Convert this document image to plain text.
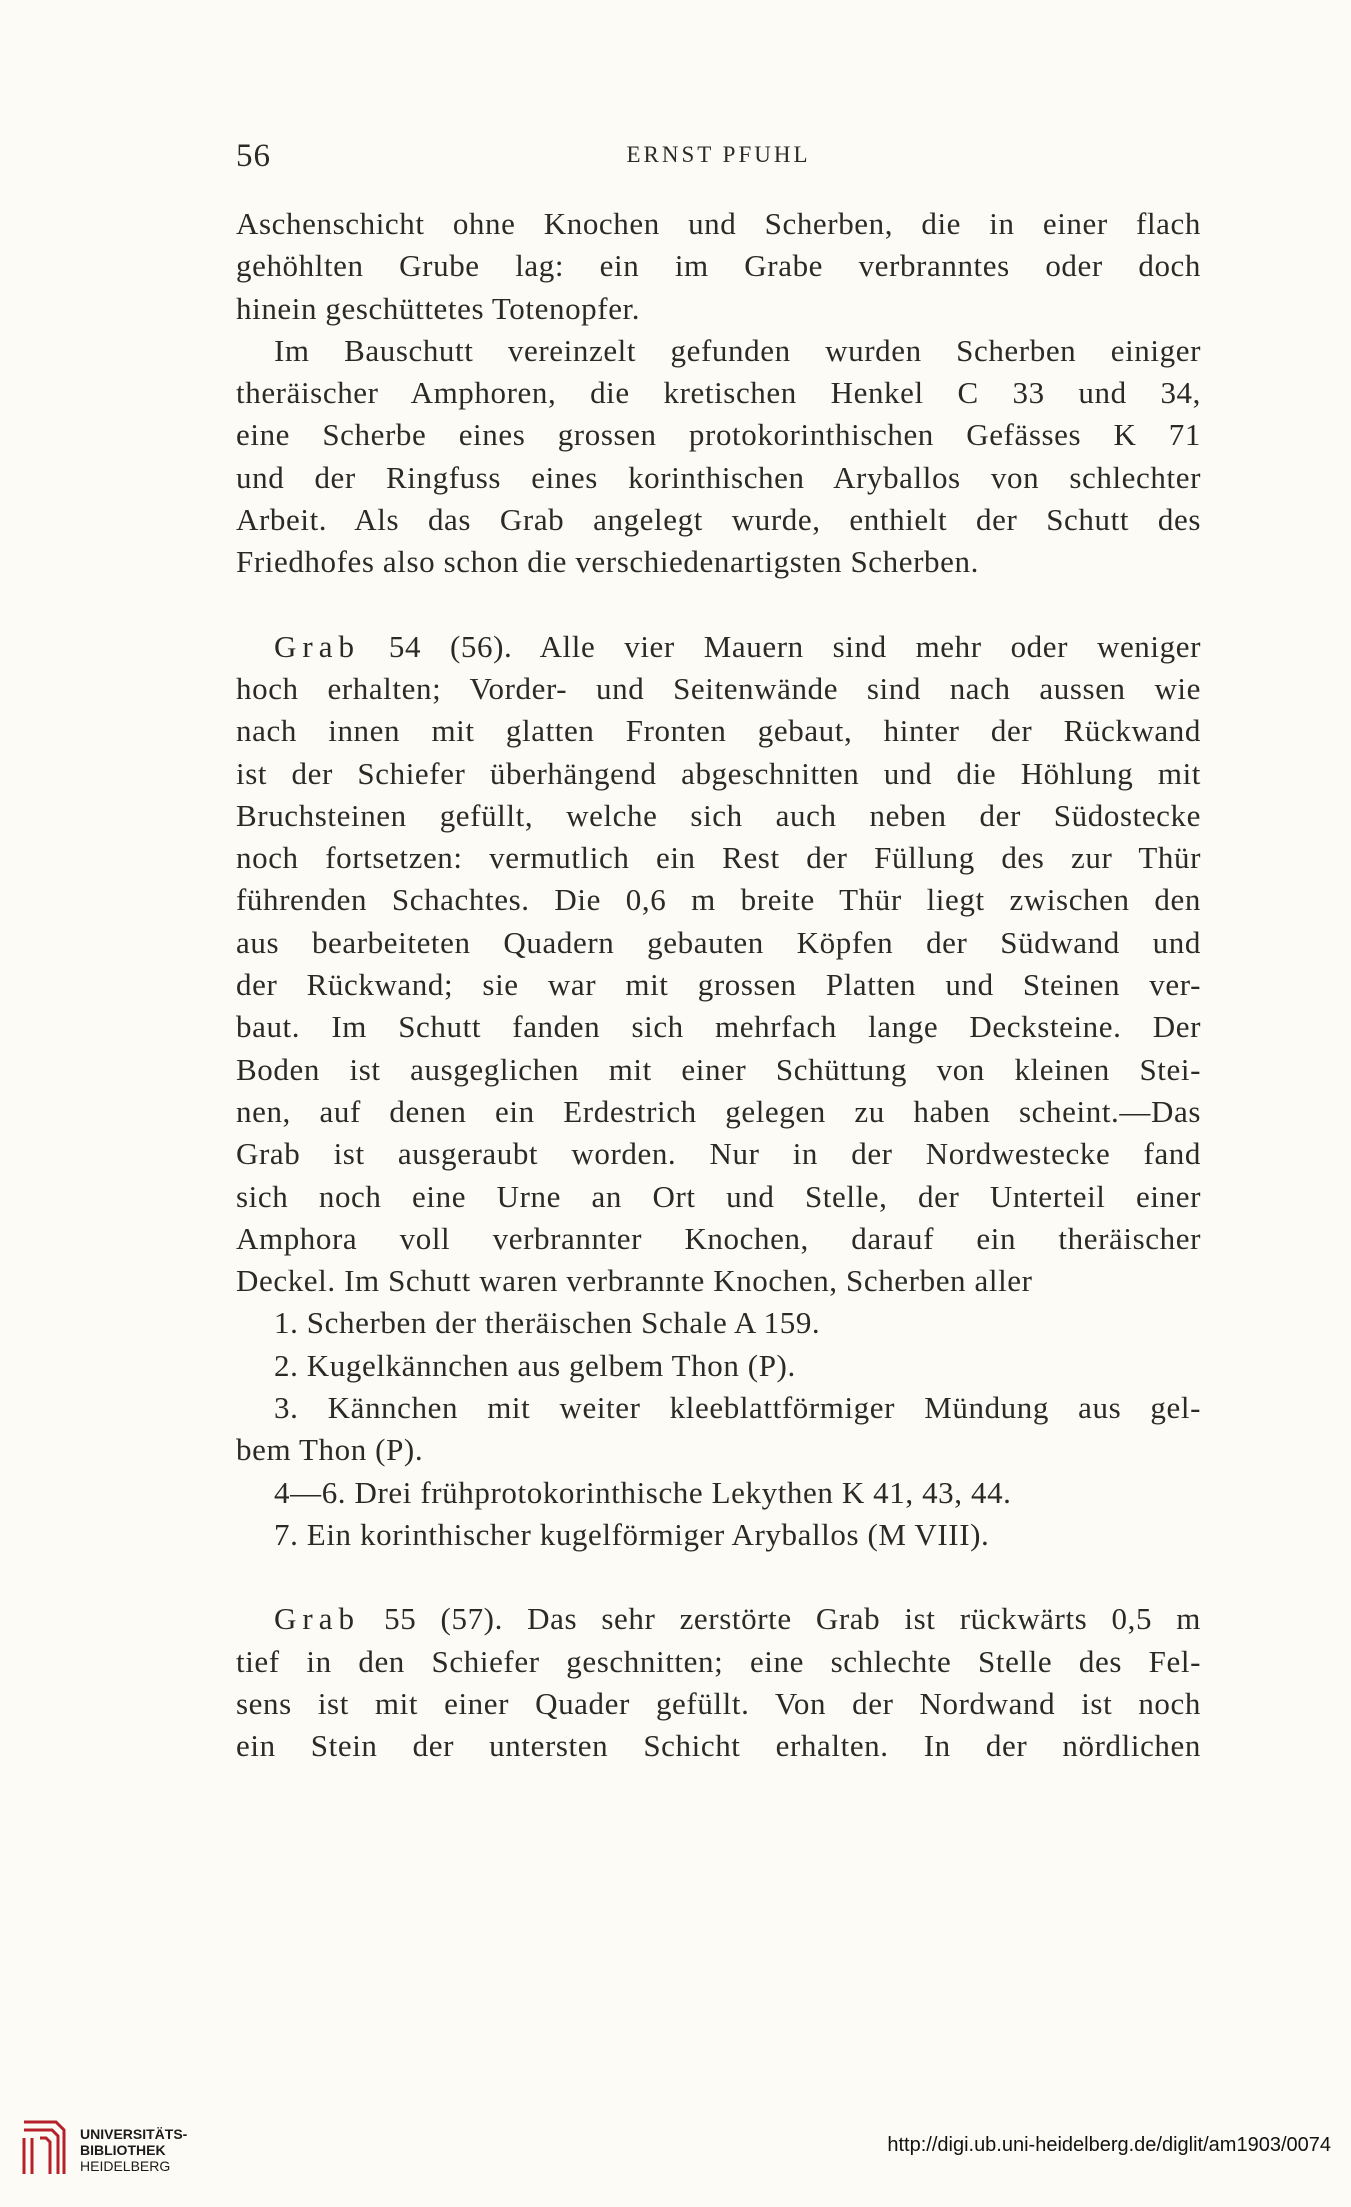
56	ERNST PFUHL
Aschenschicht ohne Knochen und Scherben, die in einer flach
gehöhlten Grube lag: ein im Grabe verbranntes oder doch
hinein geschüttetes Totenopfer.
Im Bauschutt vereinzelt gefunden wurden Scherben einiger
theräischer Amphoren, die kretischen Henkel C 33 und 34,
eine Scherbe eines grossen protokorinthischen Gefässes K 71
und der Ringfuss eines korinthischen Aryballos von schlechter
Arbeit. Als das Grab angelegt wurde, enthielt der Schutt des
Friedhofes also schon die verschiedenartigsten Scherben.
Grab 54 (56). Alle vier Mauern sind mehr oder weniger
hoch erhalten; Vorder- und Seitenwände sind nach aussen wie
nach innen mit glatten Fronten gebaut, hinter der Rückwand
ist der Schiefer überhängend abgeschnitten und die Höhlung mit
Bruchsteinen gefüllt, welche sich auch neben der Südostecke
noch fortsetzen: vermutlich ein Rest der Füllung des zur Thür
führenden Schachtes. Die 0,6 m breite Thür liegt zwischen den
aus bearbeiteten Quadern gebauten Köpfen der Südwand und
der Rückwand; sie war mit grossen Platten und Steinen ver-
baut. Im Schutt fanden sich mehrfach lange Decksteine. Der
Boden ist ausgeglichen mit einer Schüttung von kleinen Stei-
nen, auf denen ein Erdestrich gelegen zu haben scheint.—Das
Grab ist ausgeraubt worden. Nur in der Nordwestecke fand
sich noch eine Urne an Ort und Stelle, der Unterteil einer
Amphora voll verbrannter Knochen, darauf ein theräischer
Deckel. Im Schutt waren verbrannte Knochen, Scherben aller
1. Scherben der theräischen Schale A 159.
2. Kugelkännchen aus gelbem Thon (P).
3. Kännchen mit weiter kleeblattförmiger Mündung aus gel-
bem Thon (P).
4—6. Drei frühprotokorinthische Lekythen K 41, 43, 44.
7. Ein korinthischer kugelförmiger Aryballos (M VIII).
Grab 55 (57). Das sehr zerstörte Grab ist rückwärts 0,5 m
tief in den Schiefer geschnitten; eine schlechte Stelle des Fel-
sens ist mit einer Quader gefüllt. Von der Nordwand ist noch
ein Stein der untersten Schicht erhalten. In der nördlichen
UNIVERSITÄTS-
BIBLIOTHEK
HEIDELBERG
http://digi.ub.uni-heidelberg.de/diglit/am1903/0074
